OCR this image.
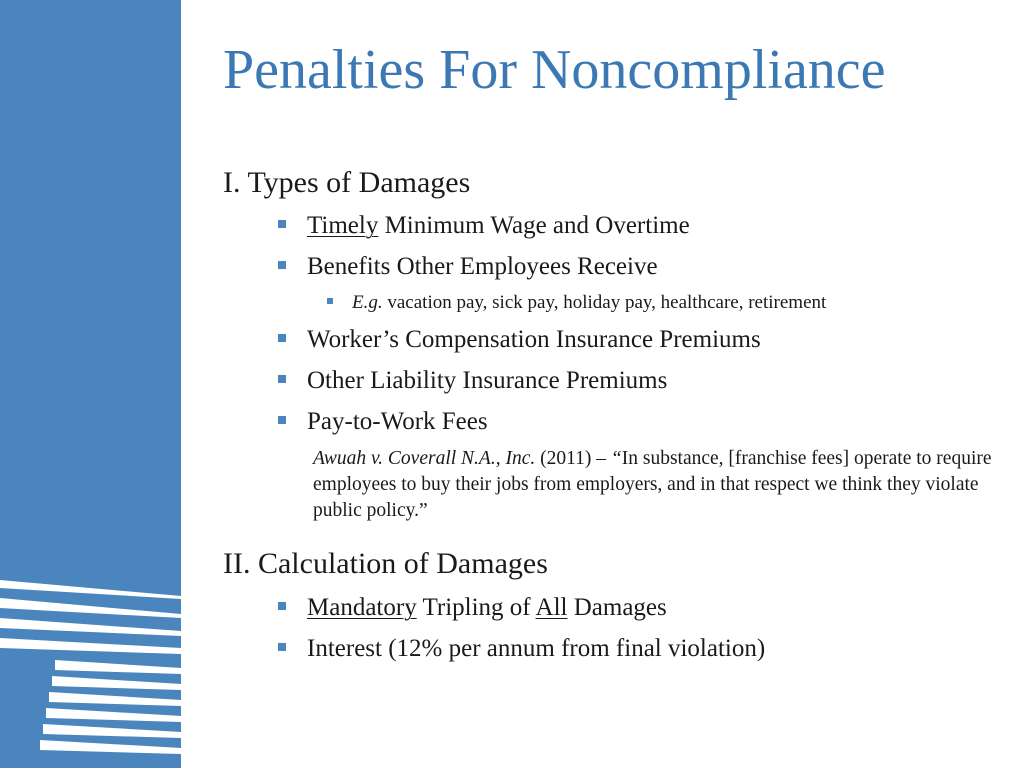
Penalties For Noncompliance
I. Types of Damages
Timely Minimum Wage and Overtime
Benefits Other Employees Receive
E.g. vacation pay, sick pay, holiday pay, healthcare, retirement
Worker’s Compensation Insurance Premiums
Other Liability Insurance Premiums
Pay-to-Work Fees
Awuah v. Coverall N.A., Inc. (2011) – “In substance, [franchise fees] operate to require employees to buy their jobs from employers, and in that respect we think they violate public policy.”
II. Calculation of Damages
Mandatory Tripling of All Damages
Interest (12% per annum from final violation)
